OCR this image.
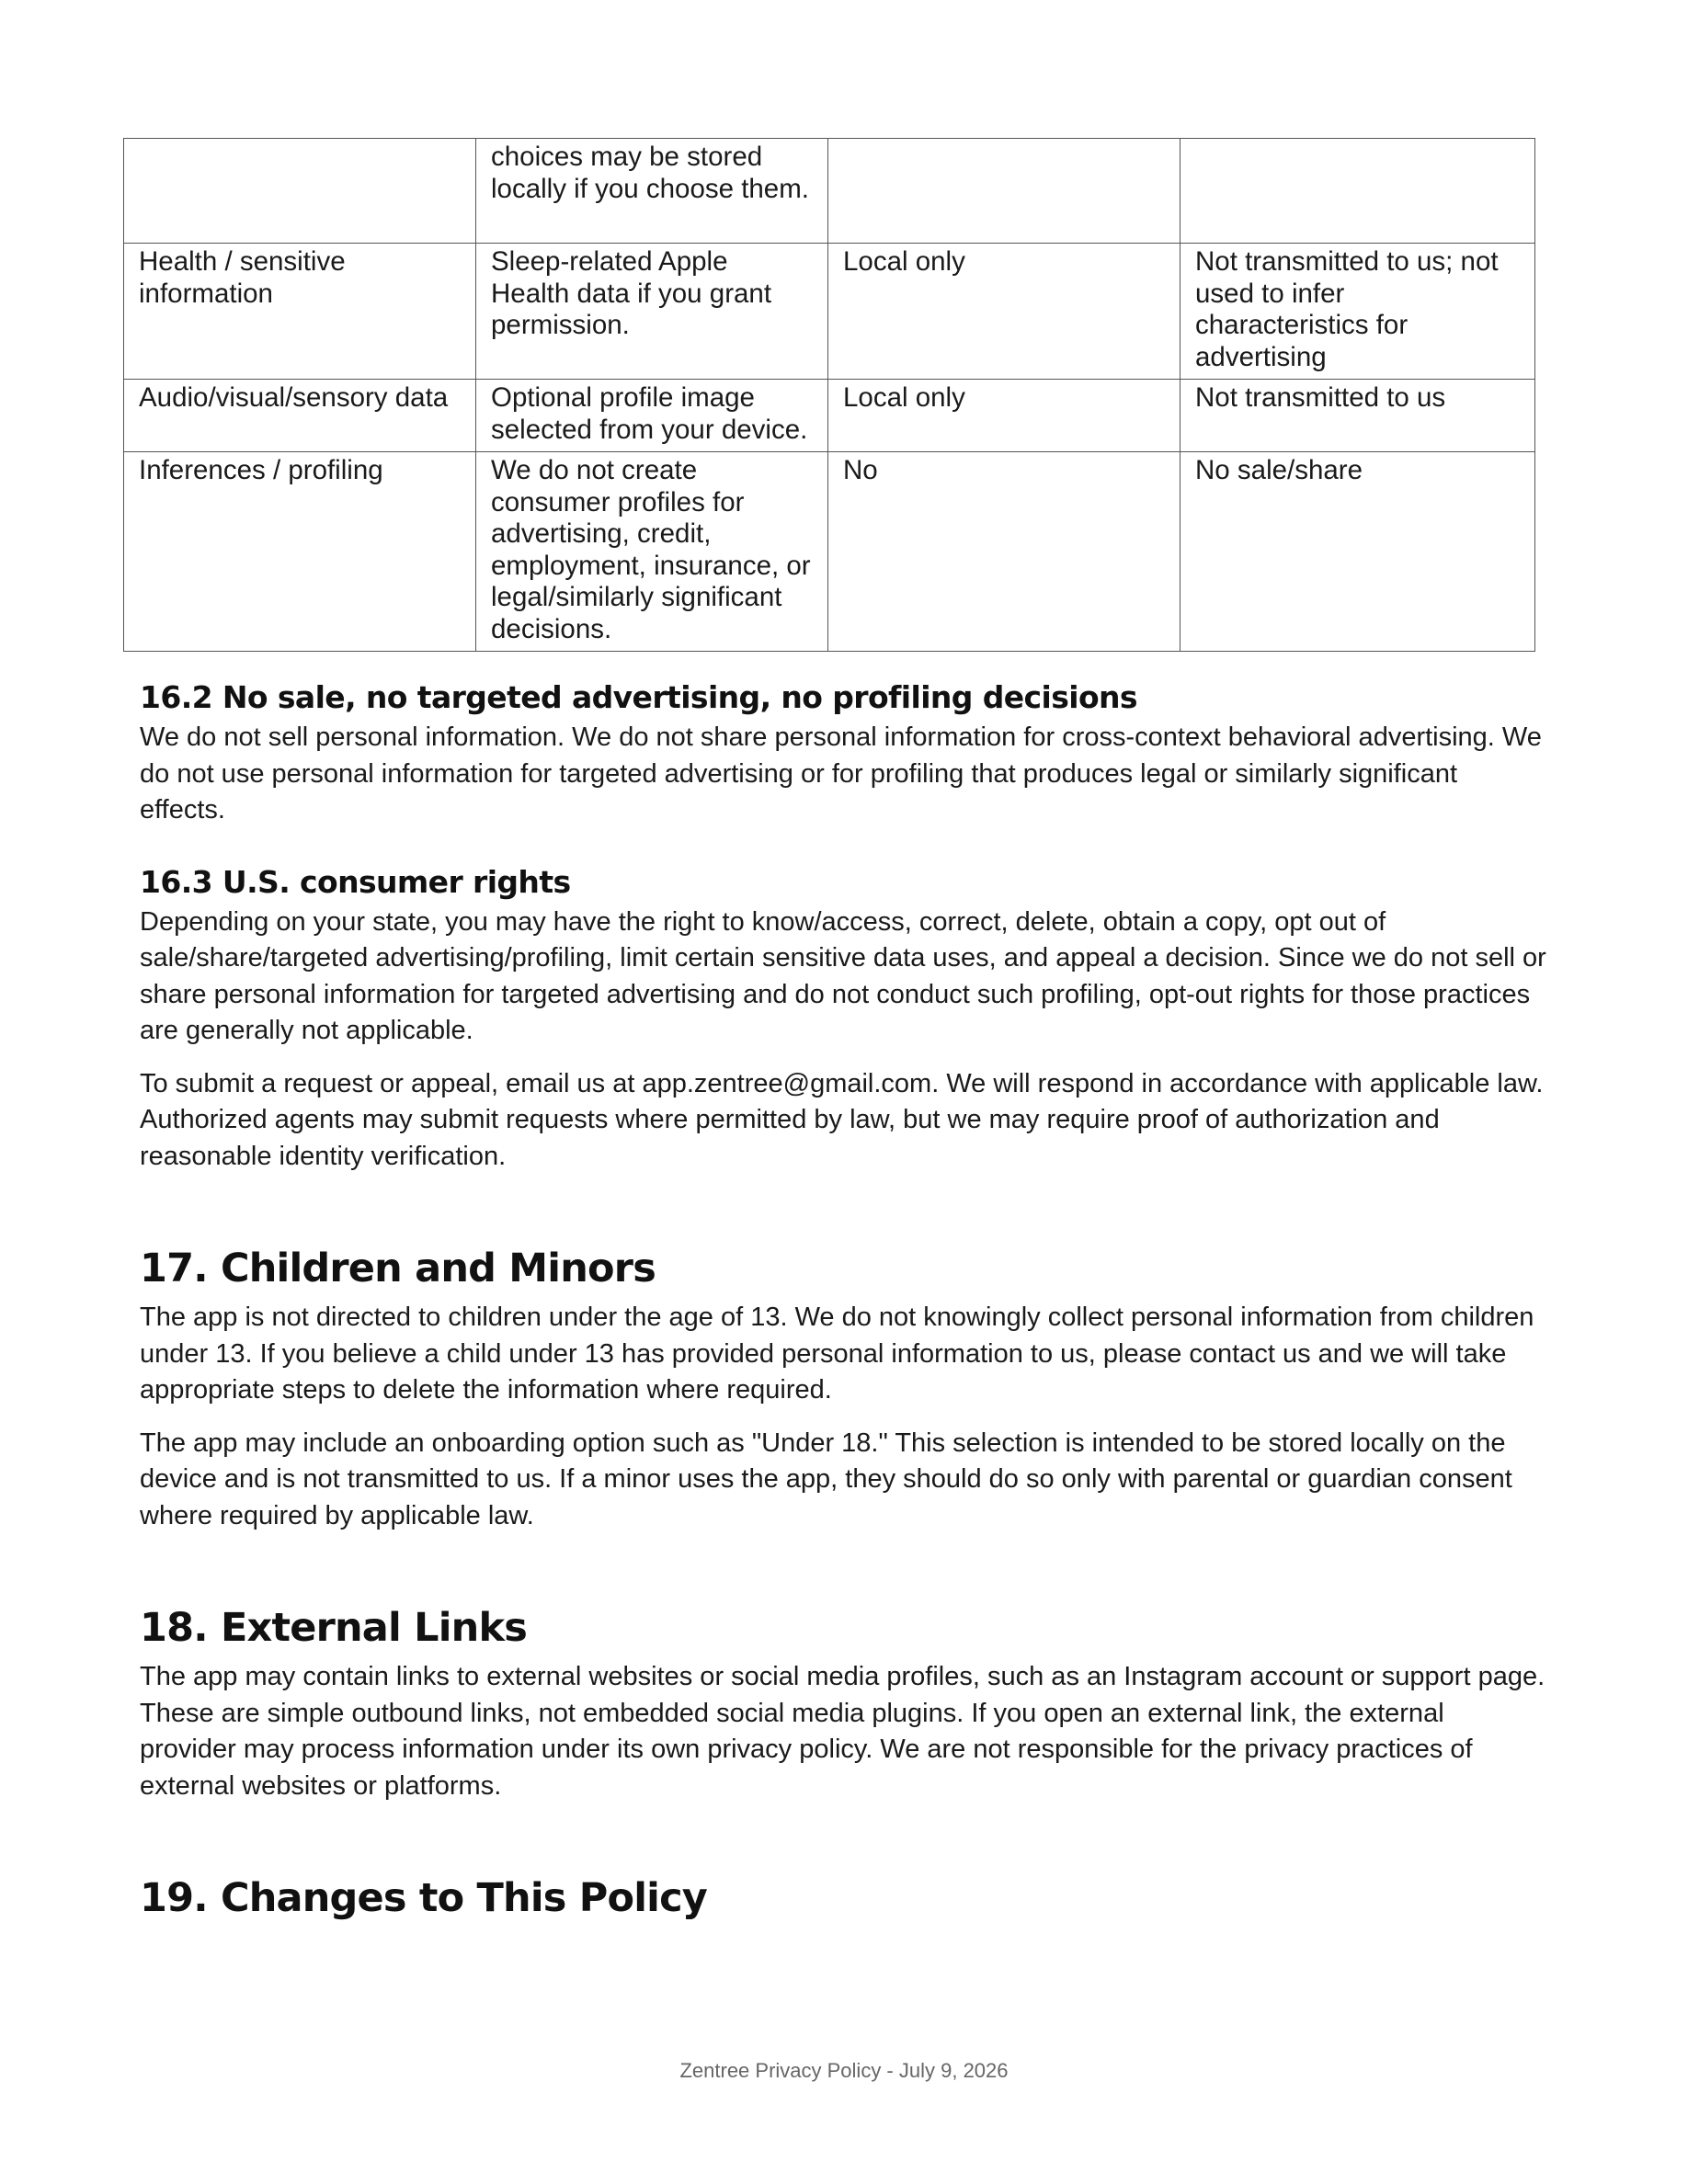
	choices may be stored locally if you choose them.		
Health / sensitive information	Sleep-related Apple Health data if you grant permission.	Local only	Not transmitted to us; not used to infer characteristics for advertising
Audio/visual/sensory data	Optional profile image selected from your device.	Local only	Not transmitted to us
Inferences / profiling	We do not create consumer profiles for advertising, credit, employment, insurance, or legal/similarly significant decisions.	No	No sale/share
16.2 No sale, no targeted advertising, no profiling decisions

We do not sell personal information. We do not share personal information for cross-context behavioral advertising. We do not use personal information for targeted advertising or for profiling that produces legal or similarly significant effects.

16.3 U.S. consumer rights

Depending on your state, you may have the right to know/access, correct, delete, obtain a copy, opt out of sale/share/targeted advertising/profiling, limit certain sensitive data uses, and appeal a decision. Since we do not sell or share personal information for targeted advertising and do not conduct such profiling, opt-out rights for those practices are generally not applicable.

To submit a request or appeal, email us at app.zentree@gmail.com. We will respond in accordance with applicable law. Authorized agents may submit requests where permitted by law, but we may require proof of authorization and reasonable identity verification.

17. Children and Minors

The app is not directed to children under the age of 13. We do not knowingly collect personal information from children under 13. If you believe a child under 13 has provided personal information to us, please contact us and we will take appropriate steps to delete the information where required.

The app may include an onboarding option such as "Under 18." This selection is intended to be stored locally on the device and is not transmitted to us. If a minor uses the app, they should do so only with parental or guardian consent where required by applicable law.

18. External Links

The app may contain links to external websites or social media profiles, such as an Instagram account or support page. These are simple outbound links, not embedded social media plugins. If you open an external link, the external provider may process information under its own privacy policy. We are not responsible for the privacy practices of external websites or platforms.

19. Changes to This Policy
Zentree Privacy Policy - July 9, 2026
